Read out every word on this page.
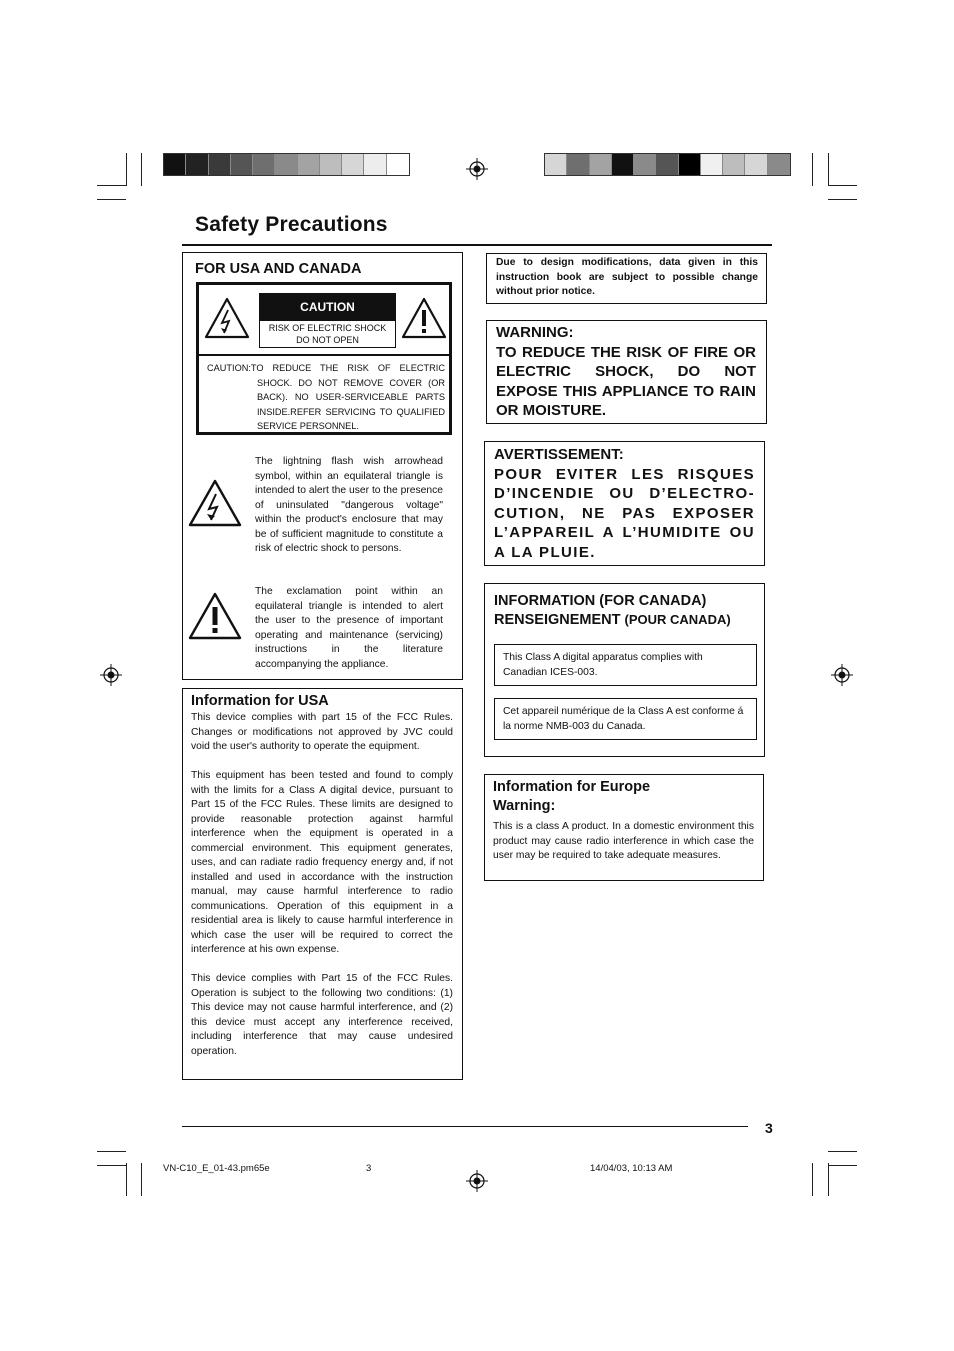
Safety Precautions
FOR USA AND CANADA
CAUTION
RISK OF ELECTRIC SHOCK
DO NOT OPEN
CAUTION:TO REDUCE THE RISK OF ELECTRIC SHOCK. DO NOT REMOVE COVER (OR BACK). NO USER-SERVICEABLE PARTS INSIDE.REFER SERVICING TO QUALIFIED SERVICE PERSONNEL.
The lightning flash wish arrowhead symbol, within an equilateral triangle is intended to alert the user to the presence of uninsulated "dangerous voltage" within the product's enclosure that may be of sufficient magnitude to constitute a risk of electric shock to persons.
The exclamation point within an equilateral triangle is intended to alert the user to the presence of important operating and maintenance (servicing) instructions in the literature accompanying the appliance.
Information for USA

This device complies with part 15 of the FCC Rules. Changes or modifications not approved by JVC could void the user's authority to operate the equipment.

This equipment has been tested and found to comply with the limits for a Class A digital device, pursuant to Part 15 of the FCC Rules. These limits are designed to provide reasonable protection against harmful interference when the equipment is operated in a commercial environment. This equipment generates, uses, and can radiate radio frequency energy and, if not installed and used in accordance with the instruction manual, may cause harmful interference to radio communications. Operation of this equipment in a residential area is likely to cause harmful interference in which case the user will be required to correct the interference at his own expense.

This device complies with Part 15 of the FCC Rules. Operation is subject to the following two conditions: (1) This device may not cause harmful interference, and (2) this device must accept any interference received, including interference that may cause undesired operation.

Due to design modifications, data given in this instruction book are subject to possible change without prior notice.
WARNING:
TO REDUCE THE RISK OF FIRE OR ELECTRIC SHOCK, DO NOT EXPOSE THIS APPLIANCE TO RAIN OR MOISTURE.
AVERTISSEMENT:
POUR EVITER LES RISQUES D’INCENDIE OU D’ELECTRO-CUTION, NE PAS EXPOSER L’APPAREIL A L’HUMIDITE OU A LA PLUIE.
INFORMATION (FOR CANADA)
RENSEIGNEMENT (POUR CANADA)
This Class A digital apparatus complies with Canadian ICES-003.
Cet appareil numérique de la Class A est conforme á la norme NMB-003 du Canada.
Information for Europe
Warning:
This is a class A product. In a domestic environment this product may cause radio interference in which case the user may be required to take adequate measures.
3
VN-C10_E_01-43.pm65e	3	14/04/03, 10:13 AM
